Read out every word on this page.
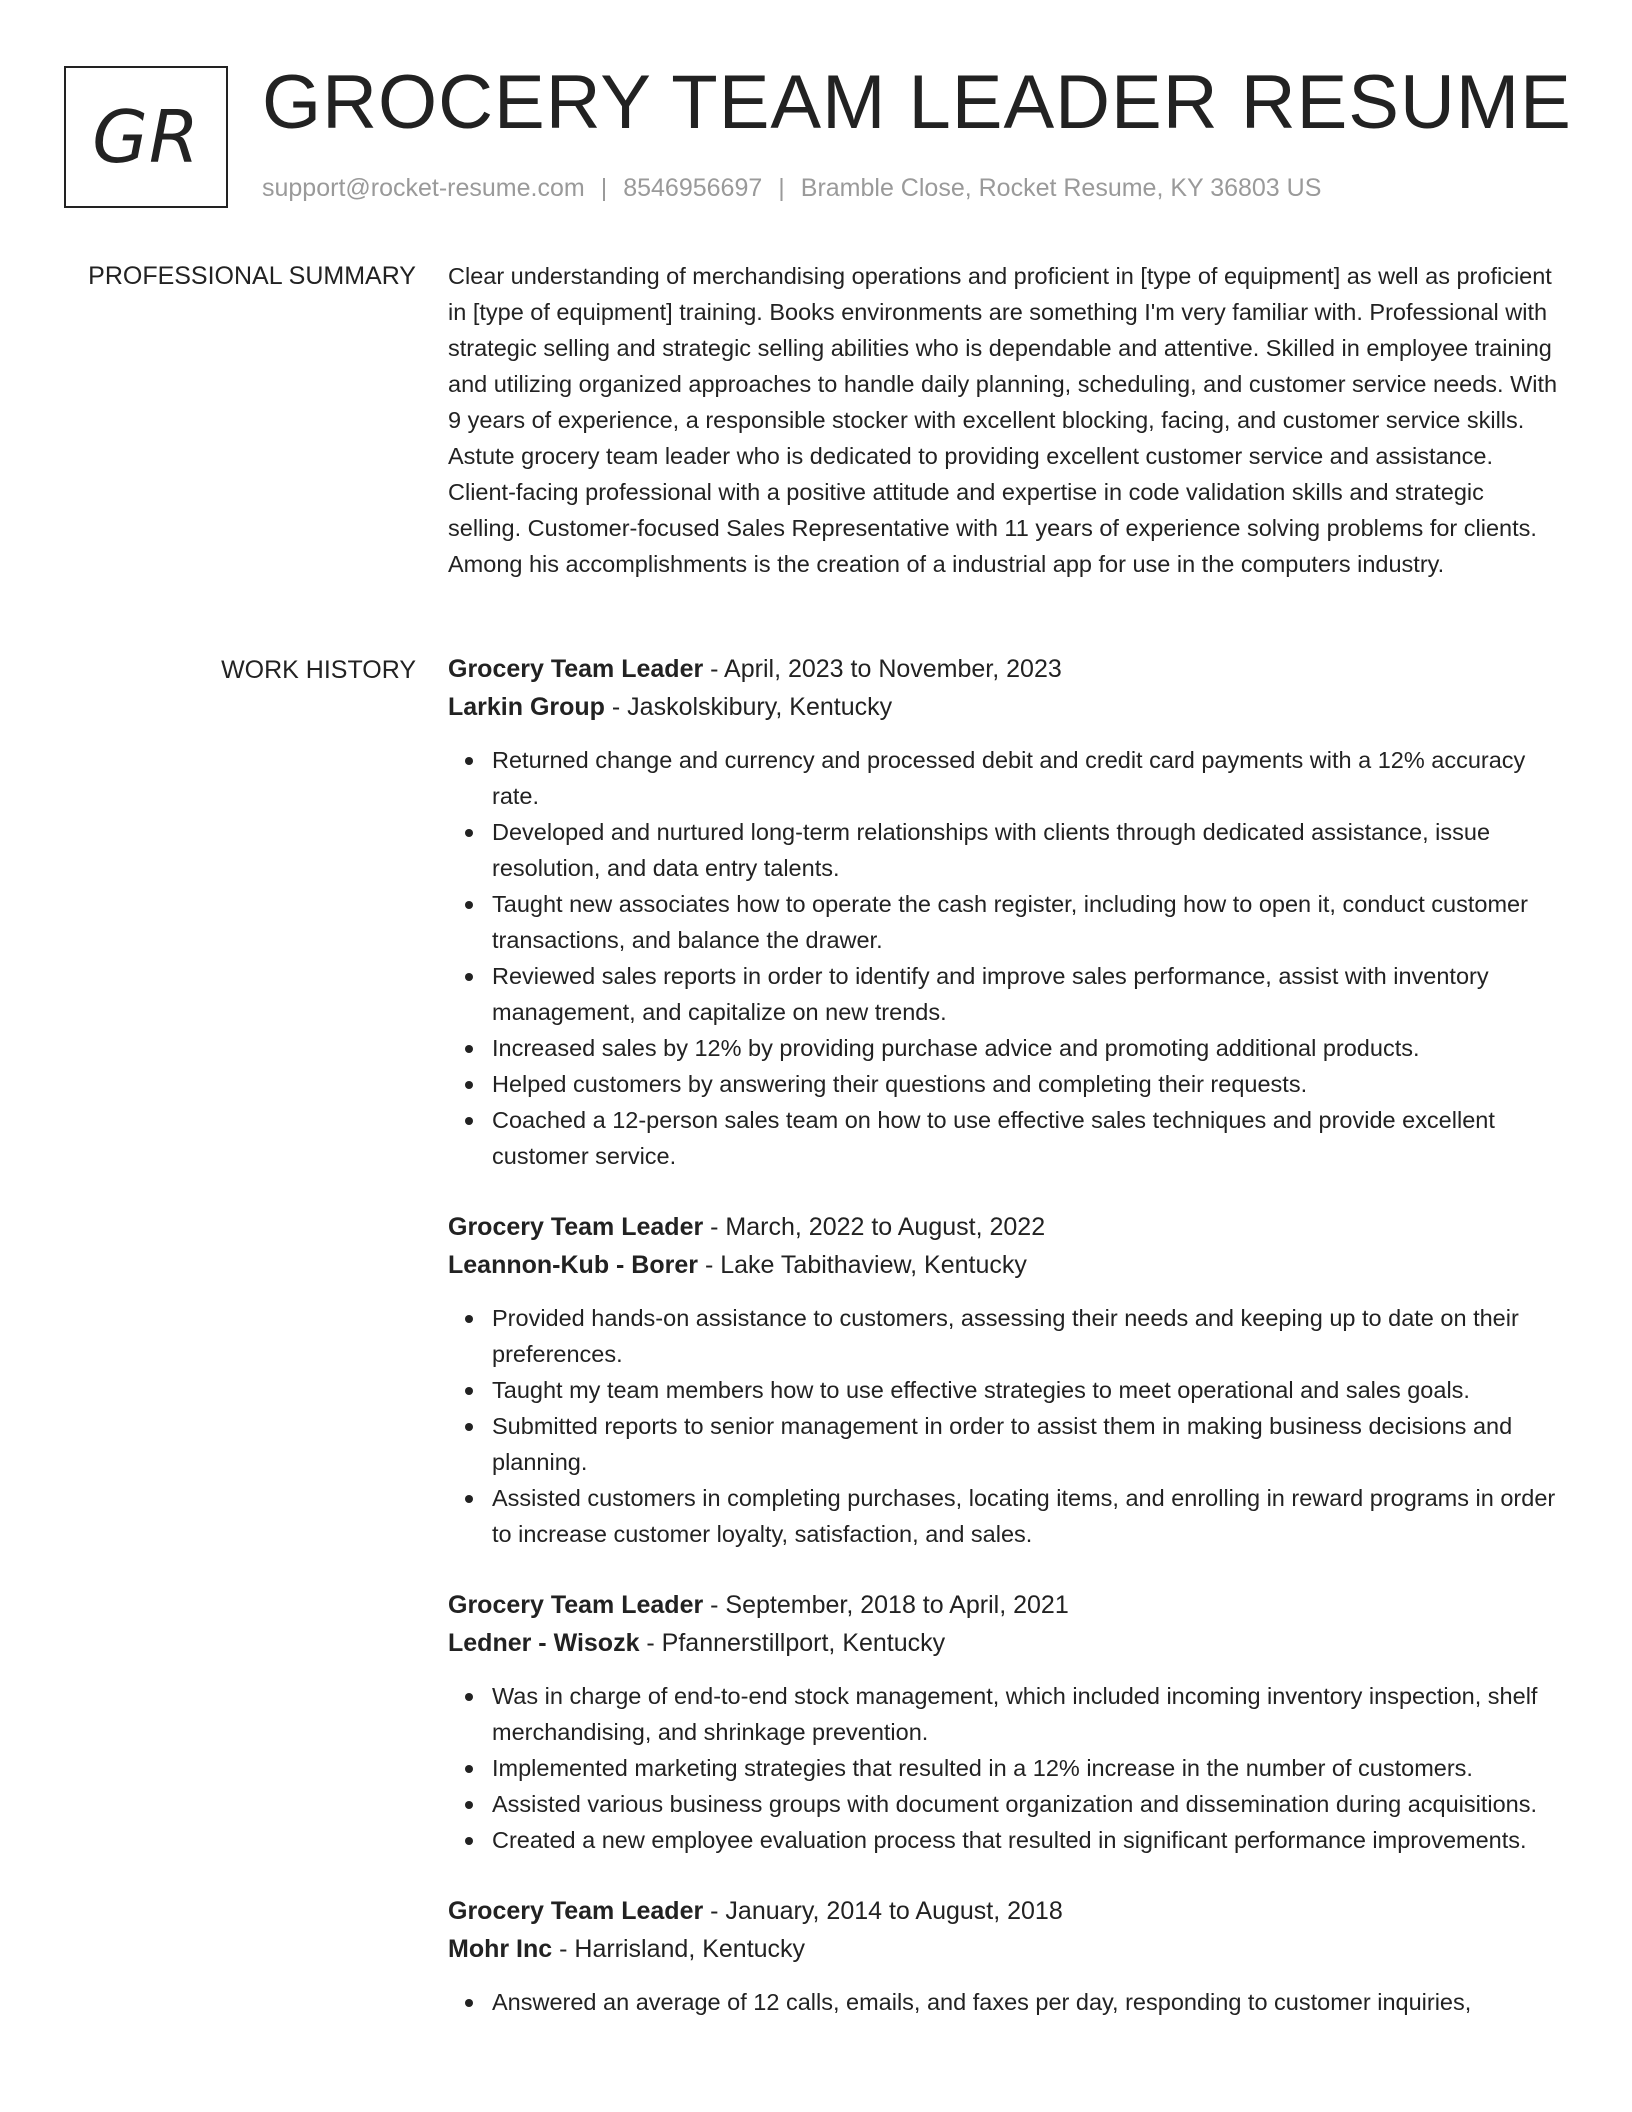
GR GROCERY TEAM LEADER RESUME
support@rocket-resume.com | 8546956697 | Bramble Close, Rocket Resume, KY 36803 US
PROFESSIONAL SUMMARY Clear understanding of merchandising operations and proficient in [type of equipment] as well as proficient in [type of equipment] training. Books environments are something I'm very familiar with. Professional with strategic selling and strategic selling abilities who is dependable and attentive. Skilled in employee training and utilizing organized approaches to handle daily planning, scheduling, and customer service needs. With 9 years of experience, a responsible stocker with excellent blocking, facing, and customer service skills. Astute grocery team leader who is dedicated to providing excellent customer service and assistance. Client-facing professional with a positive attitude and expertise in code validation skills and strategic selling. Customer-focused Sales Representative with 11 years of experience solving problems for clients. Among his accomplishments is the creation of a industrial app for use in the computers industry.

WORK HISTORY Grocery Team Leader - April, 2023 to November, 2023
Larkin Group - Jaskolskibury, Kentucky
Returned change and currency and processed debit and credit card payments with a 12% accuracy rate.
Developed and nurtured long-term relationships with clients through dedicated assistance, issue resolution, and data entry talents.
Taught new associates how to operate the cash register, including how to open it, conduct customer transactions, and balance the drawer.
Reviewed sales reports in order to identify and improve sales performance, assist with inventory management, and capitalize on new trends.
Increased sales by 12% by providing purchase advice and promoting additional products.
Helped customers by answering their questions and completing their requests.
Coached a 12-person sales team on how to use effective sales techniques and provide excellent customer service.
Grocery Team Leader - March, 2022 to August, 2022
Leannon-Kub - Borer - Lake Tabithaview, Kentucky
Provided hands-on assistance to customers, assessing their needs and keeping up to date on their preferences.
Taught my team members how to use effective strategies to meet operational and sales goals.
Submitted reports to senior management in order to assist them in making business decisions and planning.
Assisted customers in completing purchases, locating items, and enrolling in reward programs in order to increase customer loyalty, satisfaction, and sales.
Grocery Team Leader - September, 2018 to April, 2021
Ledner - Wisozk - Pfannerstillport, Kentucky
Was in charge of end-to-end stock management, which included incoming inventory inspection, shelf merchandising, and shrinkage prevention.
Implemented marketing strategies that resulted in a 12% increase in the number of customers.
Assisted various business groups with document organization and dissemination during acquisitions.
Created a new employee evaluation process that resulted in significant performance improvements.
Grocery Team Leader - January, 2014 to August, 2018
Mohr Inc - Harrisland, Kentucky
Answered an average of 12 calls, emails, and faxes per day, responding to customer inquiries,
